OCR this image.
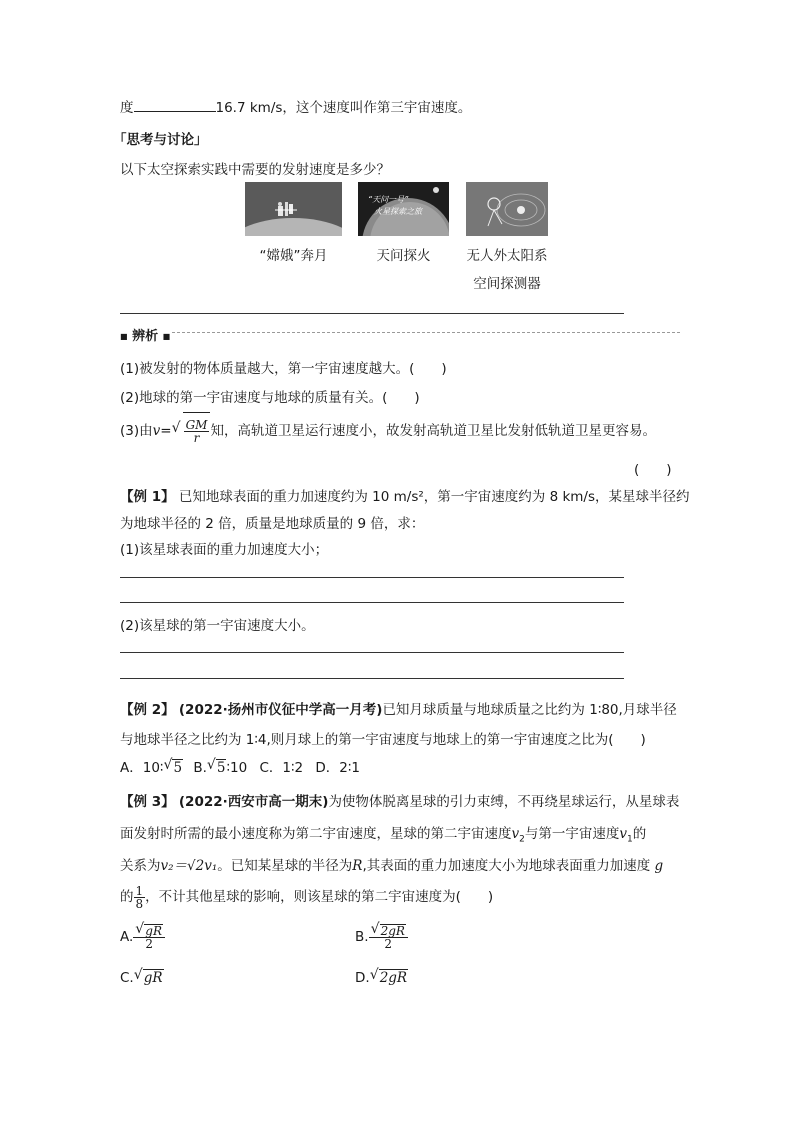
度	16.7 km/s，这个速度叫作第三宇宙速度。
「思考与讨论」
以下太空探索实践中需要的发射速度是多少？
“天问一号”
火星探索之旅
“嫦娥”奔月	天问探火	无人外太阳系
空间探测器
■ 辨析 ■
(1)被发射的物体质量越大，第一宇宙速度越大。(　　)
(2)地球的第一宇宙速度与地球的质量有关。(　　)
(3)由v= √ $\frac{GM}{r}$ 知，高轨道卫星运行速度小，故发射高轨道卫星比发射低轨道卫星更容易。
(　　)
【例 1】 已知地球表面的重力加速度约为 10 m/s²，第一宇宙速度约为 8 km/s，某星球半径约
为地球半径的 2 倍，质量是地球质量的 9 倍，求：
(1)该星球表面的重力加速度大小；
(2)该星球的第一宇宙速度大小。
【例 2】 (2022·扬州市仪征中学高一月考)已知月球质量与地球质量之比约为 1∶80,月球半径
与地球半径之比约为 1∶4,则月球上的第一宇宙速度与地球上的第一宇宙速度之比为(　　)
A．10∶ √ 5 B. √ 5∶10 C．1∶2 D．2∶1
【例 3】 (2022·西安市高一期末)为使物体脱离星球的引力束缚，不再绕星球运行，从星球表
面发射时所需的最小速度称为第二宇宙速度，星球的第二宇宙速度$v_2$与第一宇宙速度$v_1$的
关系为v₂＝√2v₁。已知某星球的半径为R,其表面的重力加速度大小为地球表面重力加速度 g
的 $\frac{1}{8}$ ，不计其他星球的影响，则该星球的第二宇宙速度为(　　)
A. √ $\frac{gR}{2}$	B. √ $\frac{2gR}{2}$
C. √ gR	D. √ 2gR
